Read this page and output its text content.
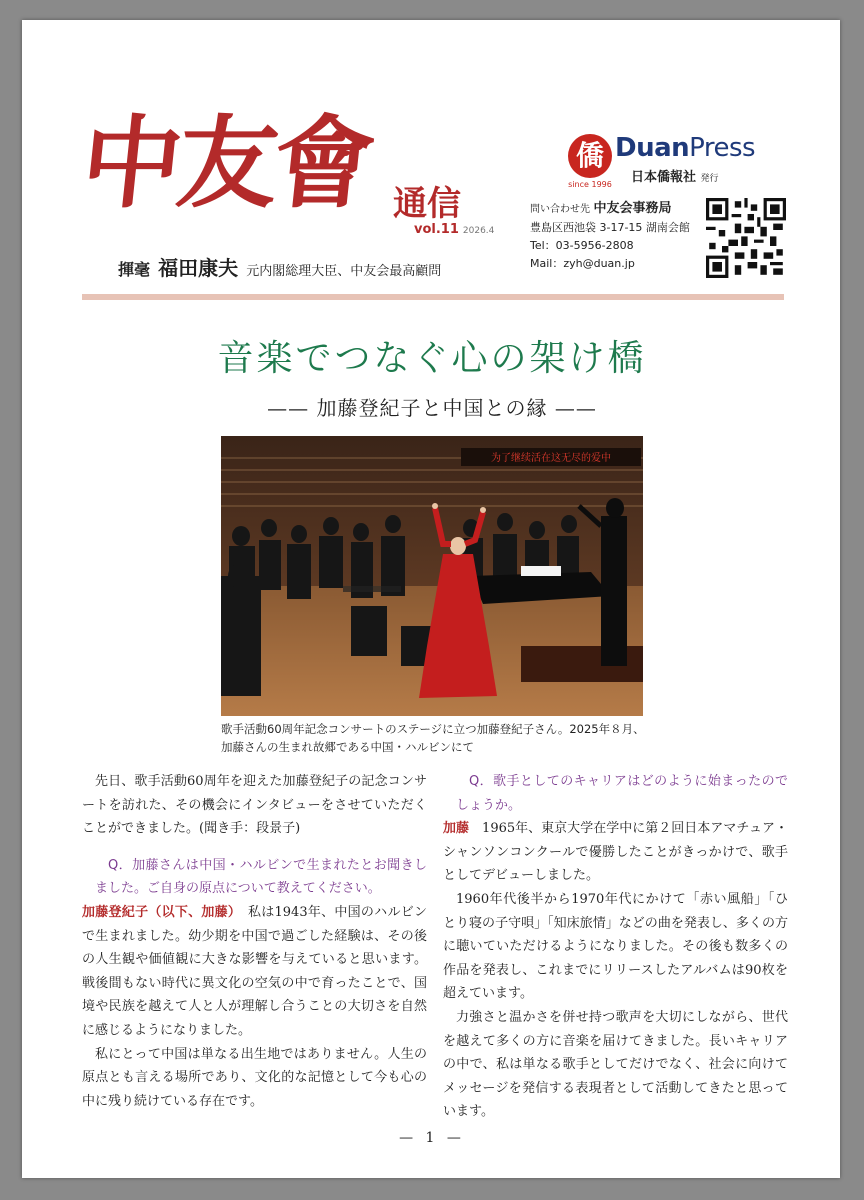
中友會 通信
vol.11 2026.4
揮毫 福田康夫 元内閣総理大臣、中友会最高顧問
僑
since 1996
DuanPress
日本僑報社 発行
問い合わせ先 中友会事務局
豊島区西池袋 3-17-15 湖南会館
Tel：03-5956-2808
Mail：zyh@duan.jp
音楽でつなぐ心の架け橋
—— 加藤登紀子と中国との縁 ——
为了继续活在这无尽的爱中
歌手活動60周年記念コンサートのステージに立つ加藤登紀子さん。2025年８月、加藤さんの生まれ故郷である中国・ハルビンにて

先日、歌手活動60周年を迎えた加藤登紀子の記念コンサートを訪れた、その機会にインタビューをさせていただくことができました。(聞き手：段景子)

Q．加藤さんは中国・ハルビンで生まれたとお聞きしました。ご自身の原点について教えてください。

加藤登紀子（以下、加藤）　私は1943年、中国のハルビンで生まれました。幼少期を中国で過ごした経験は、その後の人生観や価値観に大きな影響を与えていると思います。戦後間もない時代に異文化の空気の中で育ったことで、国境や民族を越えて人と人が理解し合うことの大切さを自然に感じるようになりました。

私にとって中国は単なる出生地ではありません。人生の原点とも言える場所であり、文化的な記憶として今も心の中に残り続けている存在です。

Q．歌手としてのキャリアはどのように始まったのでしょうか。

加藤　1965年、東京大学在学中に第２回日本アマチュア・シャンソンコンクールで優勝したことがきっかけで、歌手としてデビューしました。

1960年代後半から1970年代にかけて「赤い風船」「ひとり寝の子守唄」「知床旅情」などの曲を発表し、多くの方に聴いていただけるようになりました。その後も数多くの作品を発表し、これまでにリリースしたアルバムは90枚を超えています。

力強さと温かさを併せ持つ歌声を大切にしながら、世代を越えて多くの方に音楽を届けてきました。長いキャリアの中で、私は単なる歌手としてだけでなく、社会に向けてメッセージを発信する表現者として活動してきたと思っています。

— 1 —
